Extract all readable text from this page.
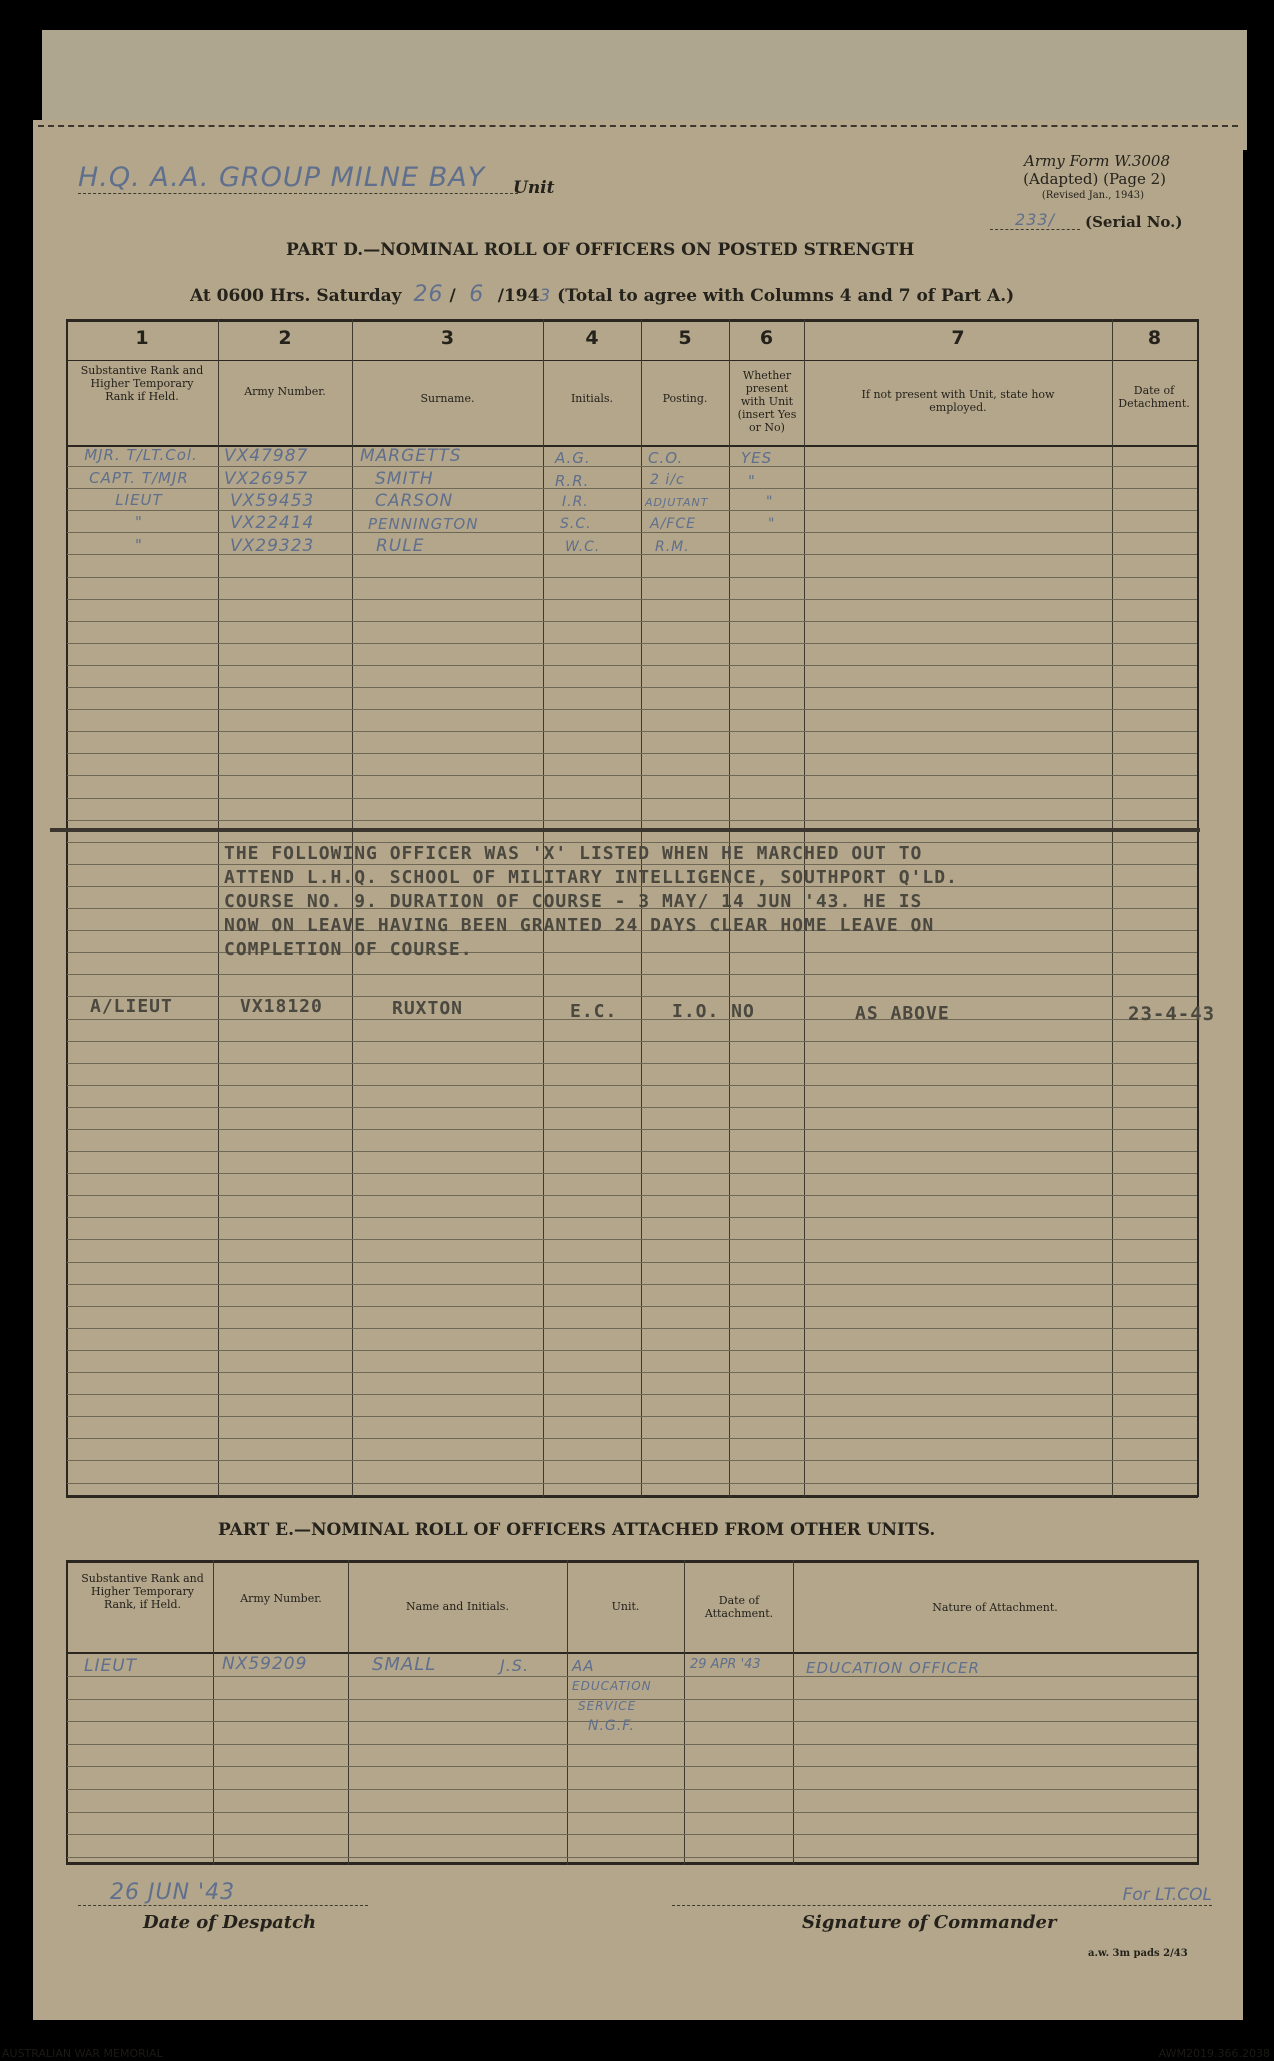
H.Q. A.A. GROUP MILNE BAY	Unit
Army Form W.3008
(Adapted) (Page 2)
(Revised Jan., 1943)
233/	(Serial No.)
PART D.—NOMINAL ROLL OF OFFICERS ON POSTED STRENGTH
At 0600 Hrs. Saturday 26 / 6 /1943 (Total to agree with Columns 4 and 7 of Part A.)
1	2	3	4	5	6	7	8
Substantive Rank and Higher Temporary Rank if Held.	Army Number.
Surname.	Initials.	Posting.
Whether present with Unit (insert Yes or No)
If not present with Unit, state how employed.
Date of Detachment.
MJR. T/LT.Col.	VX47987	MARGETTS	A.G.	C.O.	YES
CAPT. T/MJR	VX26957	SMITH	R.R.	2 i/c	"
LIEUT	VX59453	CARSON	I.R.	ADJUTANT	"
"	VX22414	PENNINGTON	S.C.	A/FCE	"
"	VX29323	RULE	W.C.	R.M.
THE FOLLOWING OFFICER WAS 'X' LISTED WHEN HE MARCHED OUT TO
ATTEND L.H.Q. SCHOOL OF MILITARY INTELLIGENCE, SOUTHPORT Q'LD.
COURSE NO. 9. DURATION OF COURSE - 3 MAY/ 14 JUN '43. HE IS
NOW ON LEAVE HAVING BEEN GRANTED 24 DAYS CLEAR HOME LEAVE ON
COMPLETION OF COURSE.
A/LIEUT	VX18120	RUXTON	E.C.	I.O. NO	AS ABOVE	23-4-43
PART E.—NOMINAL ROLL OF OFFICERS ATTACHED FROM OTHER UNITS.
Substantive Rank and Higher Temporary Rank, if Held.	Army Number.
Name and Initials.	Unit.	Date of Attachment.	Nature of Attachment.
LIEUT	NX59209	SMALL	J.S.	AA
EDUCATION
SERVICE
N.G.F.
29 APR '43	EDUCATION OFFICER
26 JUN '43
Date of Despatch
For LT.COL
Signature of Commander
a.w. 3m pads 2/43
AUSTRALIAN WAR MEMORIAL	AWM2019.366.2038
